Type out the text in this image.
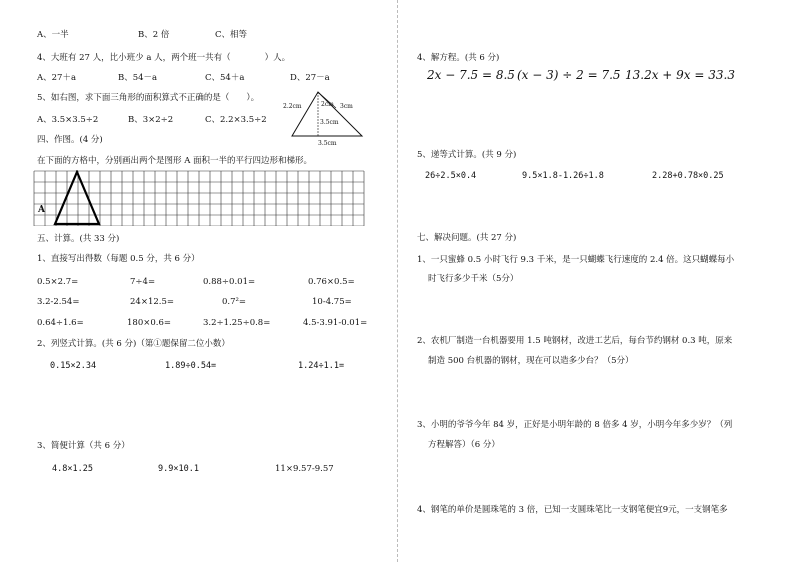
A、一半	B、2 倍	C、相等
4、大班有 27 人，比小班少 a 人，两个班一共有（　　　　）人。
A、27＋a	B、54－a	C、54＋a	D、27－a
5、如右图，求下面三角形的面积算式不正确的是（　　）。
A、3.5×3.5÷2	B、3×2÷2	C、2.2×3.5÷2
2.2cm	2cm 3cm
3.5cm
3.5cm
四、作图。(4 分)
在下面的方格中，分别画出两个是图形 A 面积一半的平行四边形和梯形。
A
五、计算。(共 33 分)
1、直接写出得数（每题 0.5 分，共 6 分）
0.5×2.7=	7÷4=	0.88÷0.01=	0.76×0.5=
3.2-2.54=	24×12.5=	0.7²=	10-4.75=
0.64÷1.6=	180×0.6=	3.2÷1.25÷0.8=	4.5-3.91-0.01=
2、列竖式计算。(共 6 分)（第①题保留二位小数）
0.15×2.34	1.89÷0.54=	1.24÷1.1=
3、简便计算（共 6 分）
4.8×1.25	9.9×10.1	11×9.57-9.57
4、解方程。(共 6 分)
2x − 7.5 = 8.5 (x − 3) ÷ 2 = 7.5 13.2x + 9x = 33.3
5、递等式计算。(共 9 分)
26÷2.5×0.4	9.5×1.8-1.26÷1.8	2.28+0.78×0.25
七、解决问题。(共 27 分)
1、一只蜜蜂 0.5 小时飞行 9.3 千米，是一只蝴蝶飞行速度的 2.4 倍。这只蝴蝶每小
时飞行多少千米（5分）
2、农机厂制造一台机器要用 1.5 吨钢材，改进工艺后，每台节约钢材 0.3 吨，原来
制造 500 台机器的钢材，现在可以造多少台？（5分）
3、小明的爷爷今年 84 岁，正好是小明年龄的 8 倍多 4 岁，小明今年多少岁？（列
方程解答）（6 分）
4、钢笔的单价是圆珠笔的 3 倍，已知一支圆珠笔比一支钢笔便宜9元，一支钢笔多
